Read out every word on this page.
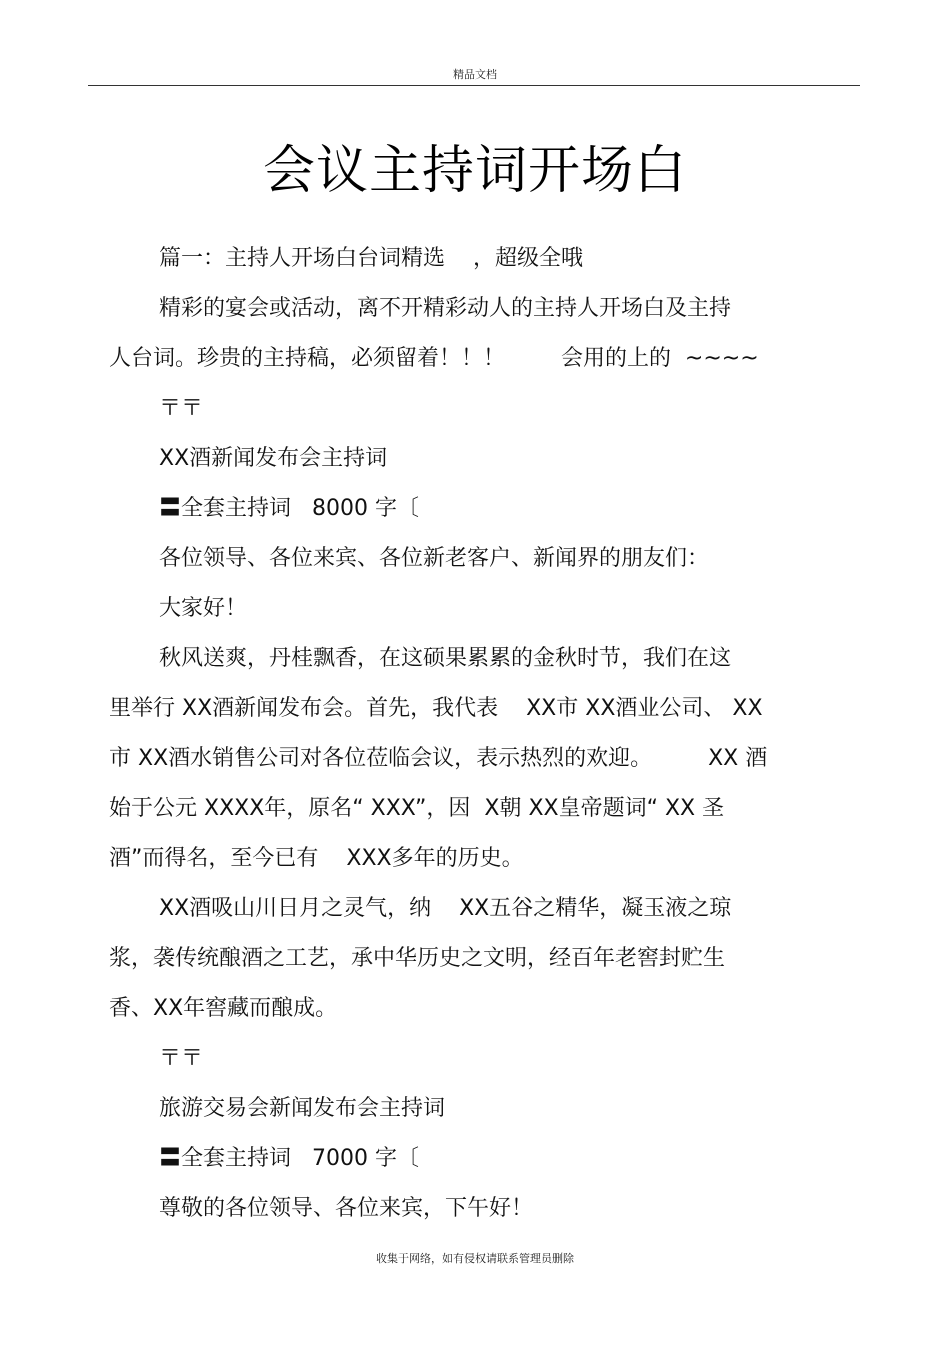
精品文档
会议主持词开场白
篇一：主持人开场白台词精选    ，超级全哦
精彩的宴会或活动，离不开精彩动人的主持人开场白及主持
人台词。珍贵的主持稿，必须留着！！！        会用的上的  ~~~~
〒〒
XX酒新闻发布会主持词
〓全套主持词   8000 字〔
各位领导、各位来宾、各位新老客户、新闻界的朋友们：
大家好！
秋风送爽，丹桂飘香，在这硕果累累的金秋时节，我们在这
里举行 XX酒新闻发布会。首先，我代表    XX市 XX酒业公司、 XX
市 XX酒水销售公司对各位莅临会议，表示热烈的欢迎。        XX 酒
始于公元 XXXX年，原名“ XXX”，因  X朝 XX皇帝题词“ XX 圣
酒”而得名，至今已有    XXX多年的历史。
XX酒吸山川日月之灵气，纳    XX五谷之精华，凝玉液之琼
浆，袭传统酿酒之工艺，承中华历史之文明，经百年老窖封贮生
香、XX年窖藏而酿成。
〒〒
旅游交易会新闻发布会主持词
〓全套主持词   7000 字〔
尊敬的各位领导、各位来宾，下午好！
收集于网络，如有侵权请联系管理员删除
